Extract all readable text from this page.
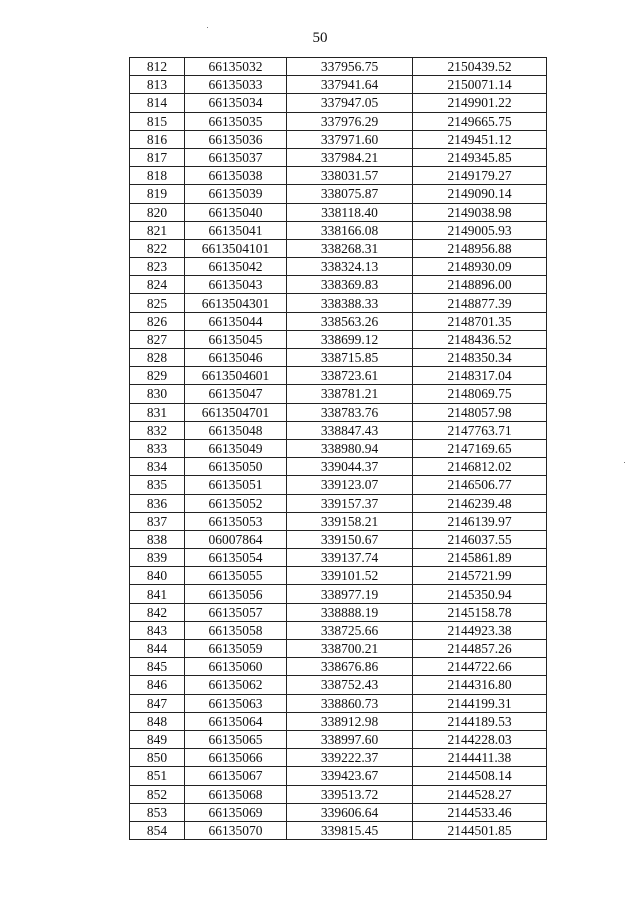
50
812	66135032	337956.75	2150439.52
813	66135033	337941.64	2150071.14
814	66135034	337947.05	2149901.22
815	66135035	337976.29	2149665.75
816	66135036	337971.60	2149451.12
817	66135037	337984.21	2149345.85
818	66135038	338031.57	2149179.27
819	66135039	338075.87	2149090.14
820	66135040	338118.40	2149038.98
821	66135041	338166.08	2149005.93
822	6613504101	338268.31	2148956.88
823	66135042	338324.13	2148930.09
824	66135043	338369.83	2148896.00
825	6613504301	338388.33	2148877.39
826	66135044	338563.26	2148701.35
827	66135045	338699.12	2148436.52
828	66135046	338715.85	2148350.34
829	6613504601	338723.61	2148317.04
830	66135047	338781.21	2148069.75
831	6613504701	338783.76	2148057.98
832	66135048	338847.43	2147763.71
833	66135049	338980.94	2147169.65
834	66135050	339044.37	2146812.02
835	66135051	339123.07	2146506.77
836	66135052	339157.37	2146239.48
837	66135053	339158.21	2146139.97
838	06007864	339150.67	2146037.55
839	66135054	339137.74	2145861.89
840	66135055	339101.52	2145721.99
841	66135056	338977.19	2145350.94
842	66135057	338888.19	2145158.78
843	66135058	338725.66	2144923.38
844	66135059	338700.21	2144857.26
845	66135060	338676.86	2144722.66
846	66135062	338752.43	2144316.80
847	66135063	338860.73	2144199.31
848	66135064	338912.98	2144189.53
849	66135065	338997.60	2144228.03
850	66135066	339222.37	2144411.38
851	66135067	339423.67	2144508.14
852	66135068	339513.72	2144528.27
853	66135069	339606.64	2144533.46
854	66135070	339815.45	2144501.85
